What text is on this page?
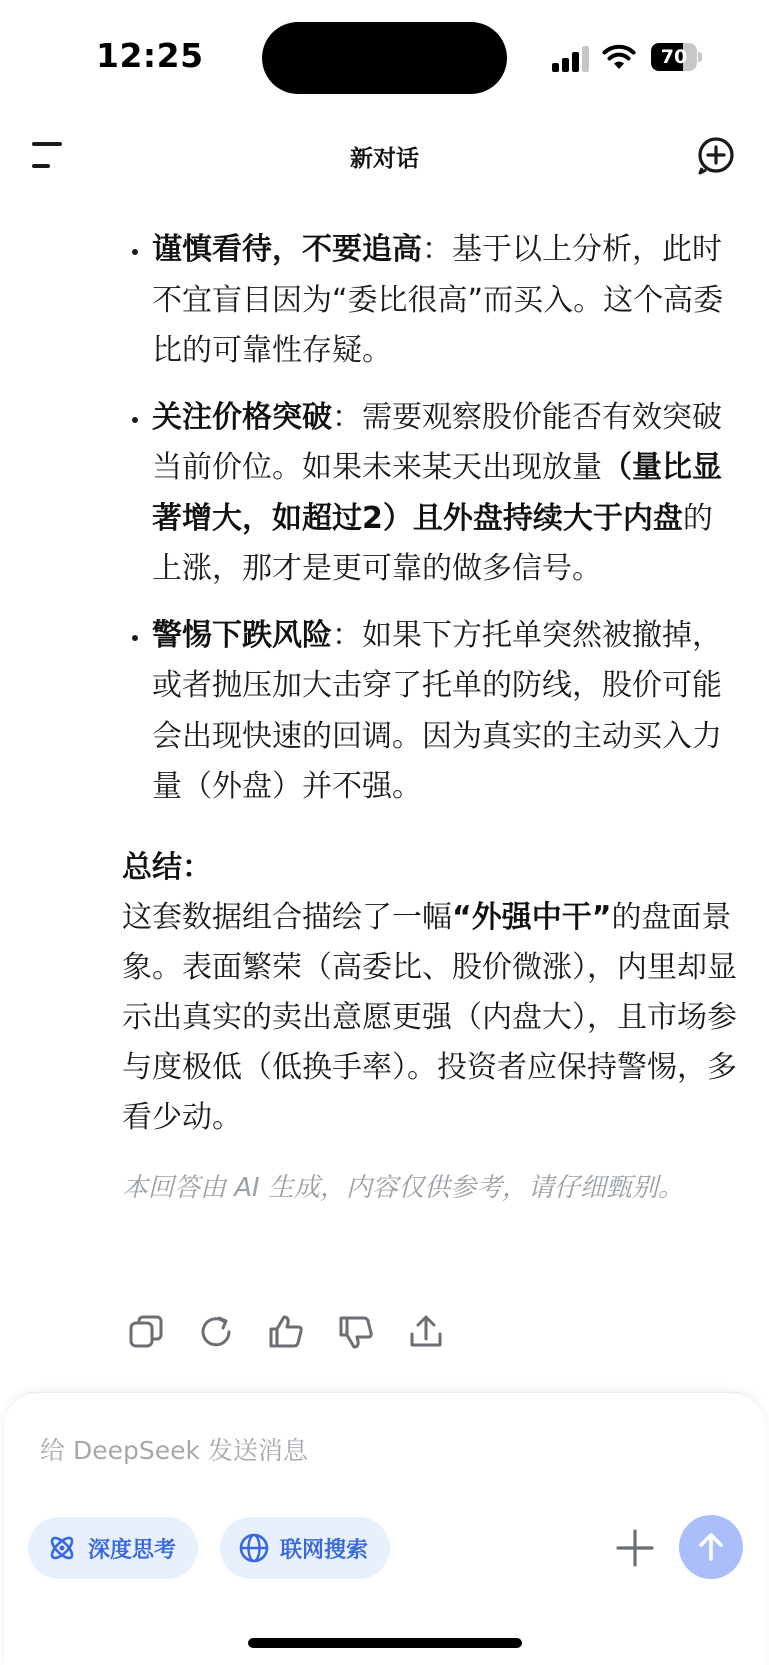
12:25	70
新对话
谨慎看待，不要追高：基于以上分析，此时不宜盲目因为“委比很高”而买入。这个高委比的可靠性存疑。
关注价格突破：需要观察股价能否有效突破当前价位。如果未来某天出现放量（量比显著增大，如超过2）且外盘持续大于内盘的上涨，那才是更可靠的做多信号。
警惕下跌风险：如果下方托单突然被撤掉，或者抛压加大击穿了托单的防线，股价可能会出现快速的回调。因为真实的主动买入力量（外盘）并不强。
总结：
这套数据组合描绘了一幅“外强中干”的盘面景象。表面繁荣（高委比、股价微涨），内里却显示出真实的卖出意愿更强（内盘大），且市场参与度极低（低换手率）。投资者应保持警惕，多看少动。
本回答由 AI 生成，内容仅供参考，请仔细甄别。
给 DeepSeek 发送消息
深度思考	联网搜索
